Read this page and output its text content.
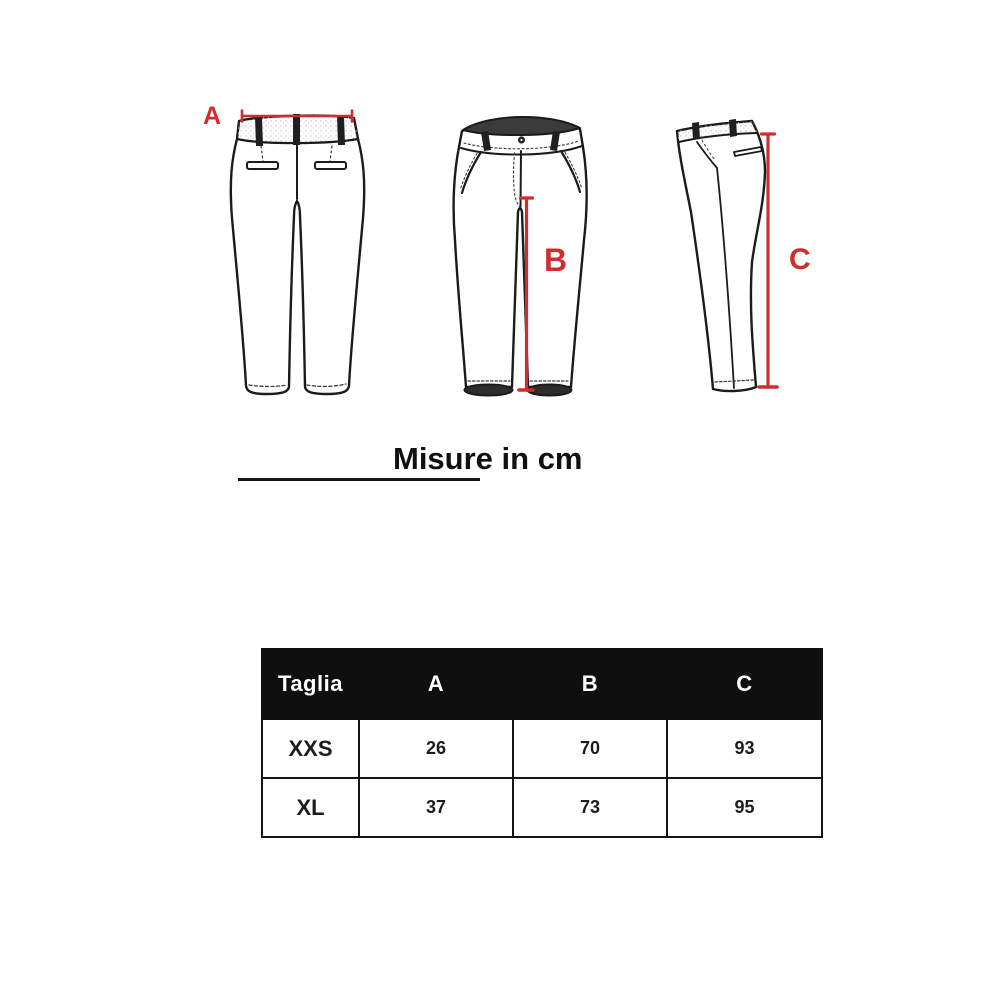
A
B	C
Misure in cm
Taglia	A	B	C
XXS	26	70	93
XL	37	73	95
